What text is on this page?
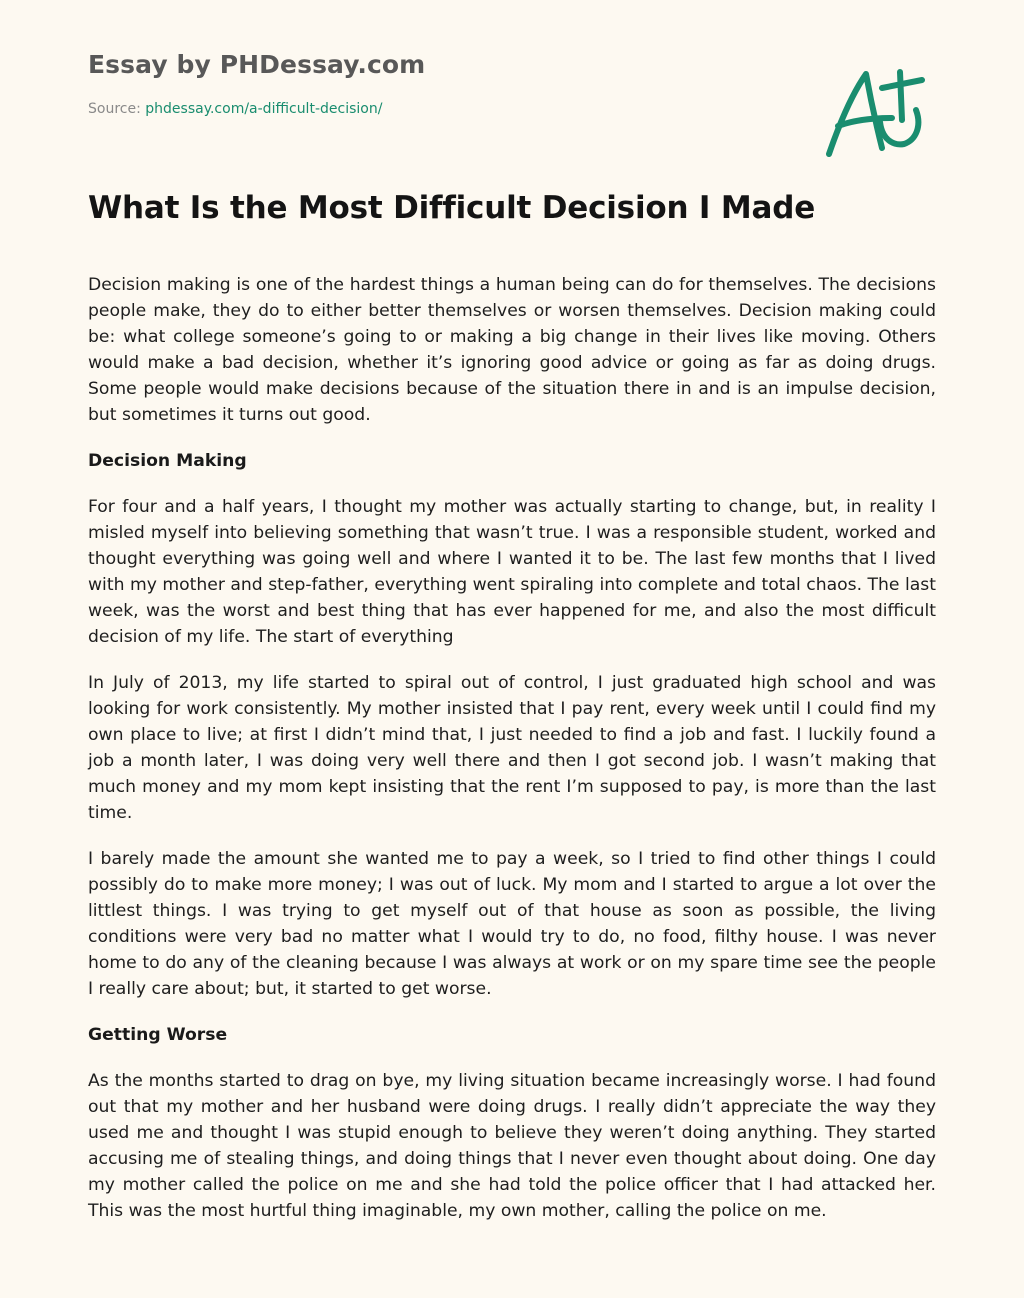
Essay by PHDessay.com
Source: phdessay.com/a-difficult-decision/
What Is the Most Difficult Decision I Made

Decision making is one of the hardest things a human being can do for themselves. The decisions people make, they do to either better themselves or worsen themselves. Decision making could be: what college someone’s going to or making a big change in their lives like moving. Others would make a bad decision, whether it’s ignoring good advice or going as far as doing drugs. Some people would make decisions because of the situation there in and is an impulse decision, but sometimes it turns out good.

Decision Making

For four and a half years, I thought my mother was actually starting to change, but, in reality I misled myself into believing something that wasn’t true. I was a responsible student, worked and thought everything was going well and where I wanted it to be. The last few months that I lived with my mother and step-father, everything went spiraling into complete and total chaos. The last week, was the worst and best thing that has ever happened for me, and also the most difficult decision of my life. The start of everything

In July of 2013, my life started to spiral out of control, I just graduated high school and was looking for work consistently. My mother insisted that I pay rent, every week until I could find my own place to live; at first I didn’t mind that, I just needed to find a job and fast. I luckily found a job a month later, I was doing very well there and then I got second job. I wasn’t making that much money and my mom kept insisting that the rent I’m supposed to pay, is more than the last time.

I barely made the amount she wanted me to pay a week, so I tried to find other things I could possibly do to make more money; I was out of luck. My mom and I started to argue a lot over the littlest things. I was trying to get myself out of that house as soon as possible, the living conditions were very bad no matter what I would try to do, no food, filthy house. I was never home to do any of the cleaning because I was always at work or on my spare time see the people I really care about; but, it started to get worse.

Getting Worse

As the months started to drag on bye, my living situation became increasingly worse. I had found out that my mother and her husband were doing drugs. I really didn’t appreciate the way they used me and thought I was stupid enough to believe they weren’t doing anything. They started accusing me of stealing things, and doing things that I never even thought about doing. One day my mother called the police on me and she had told the police officer that I had attacked her. This was the most hurtful thing imaginable, my own mother, calling the police on me.
